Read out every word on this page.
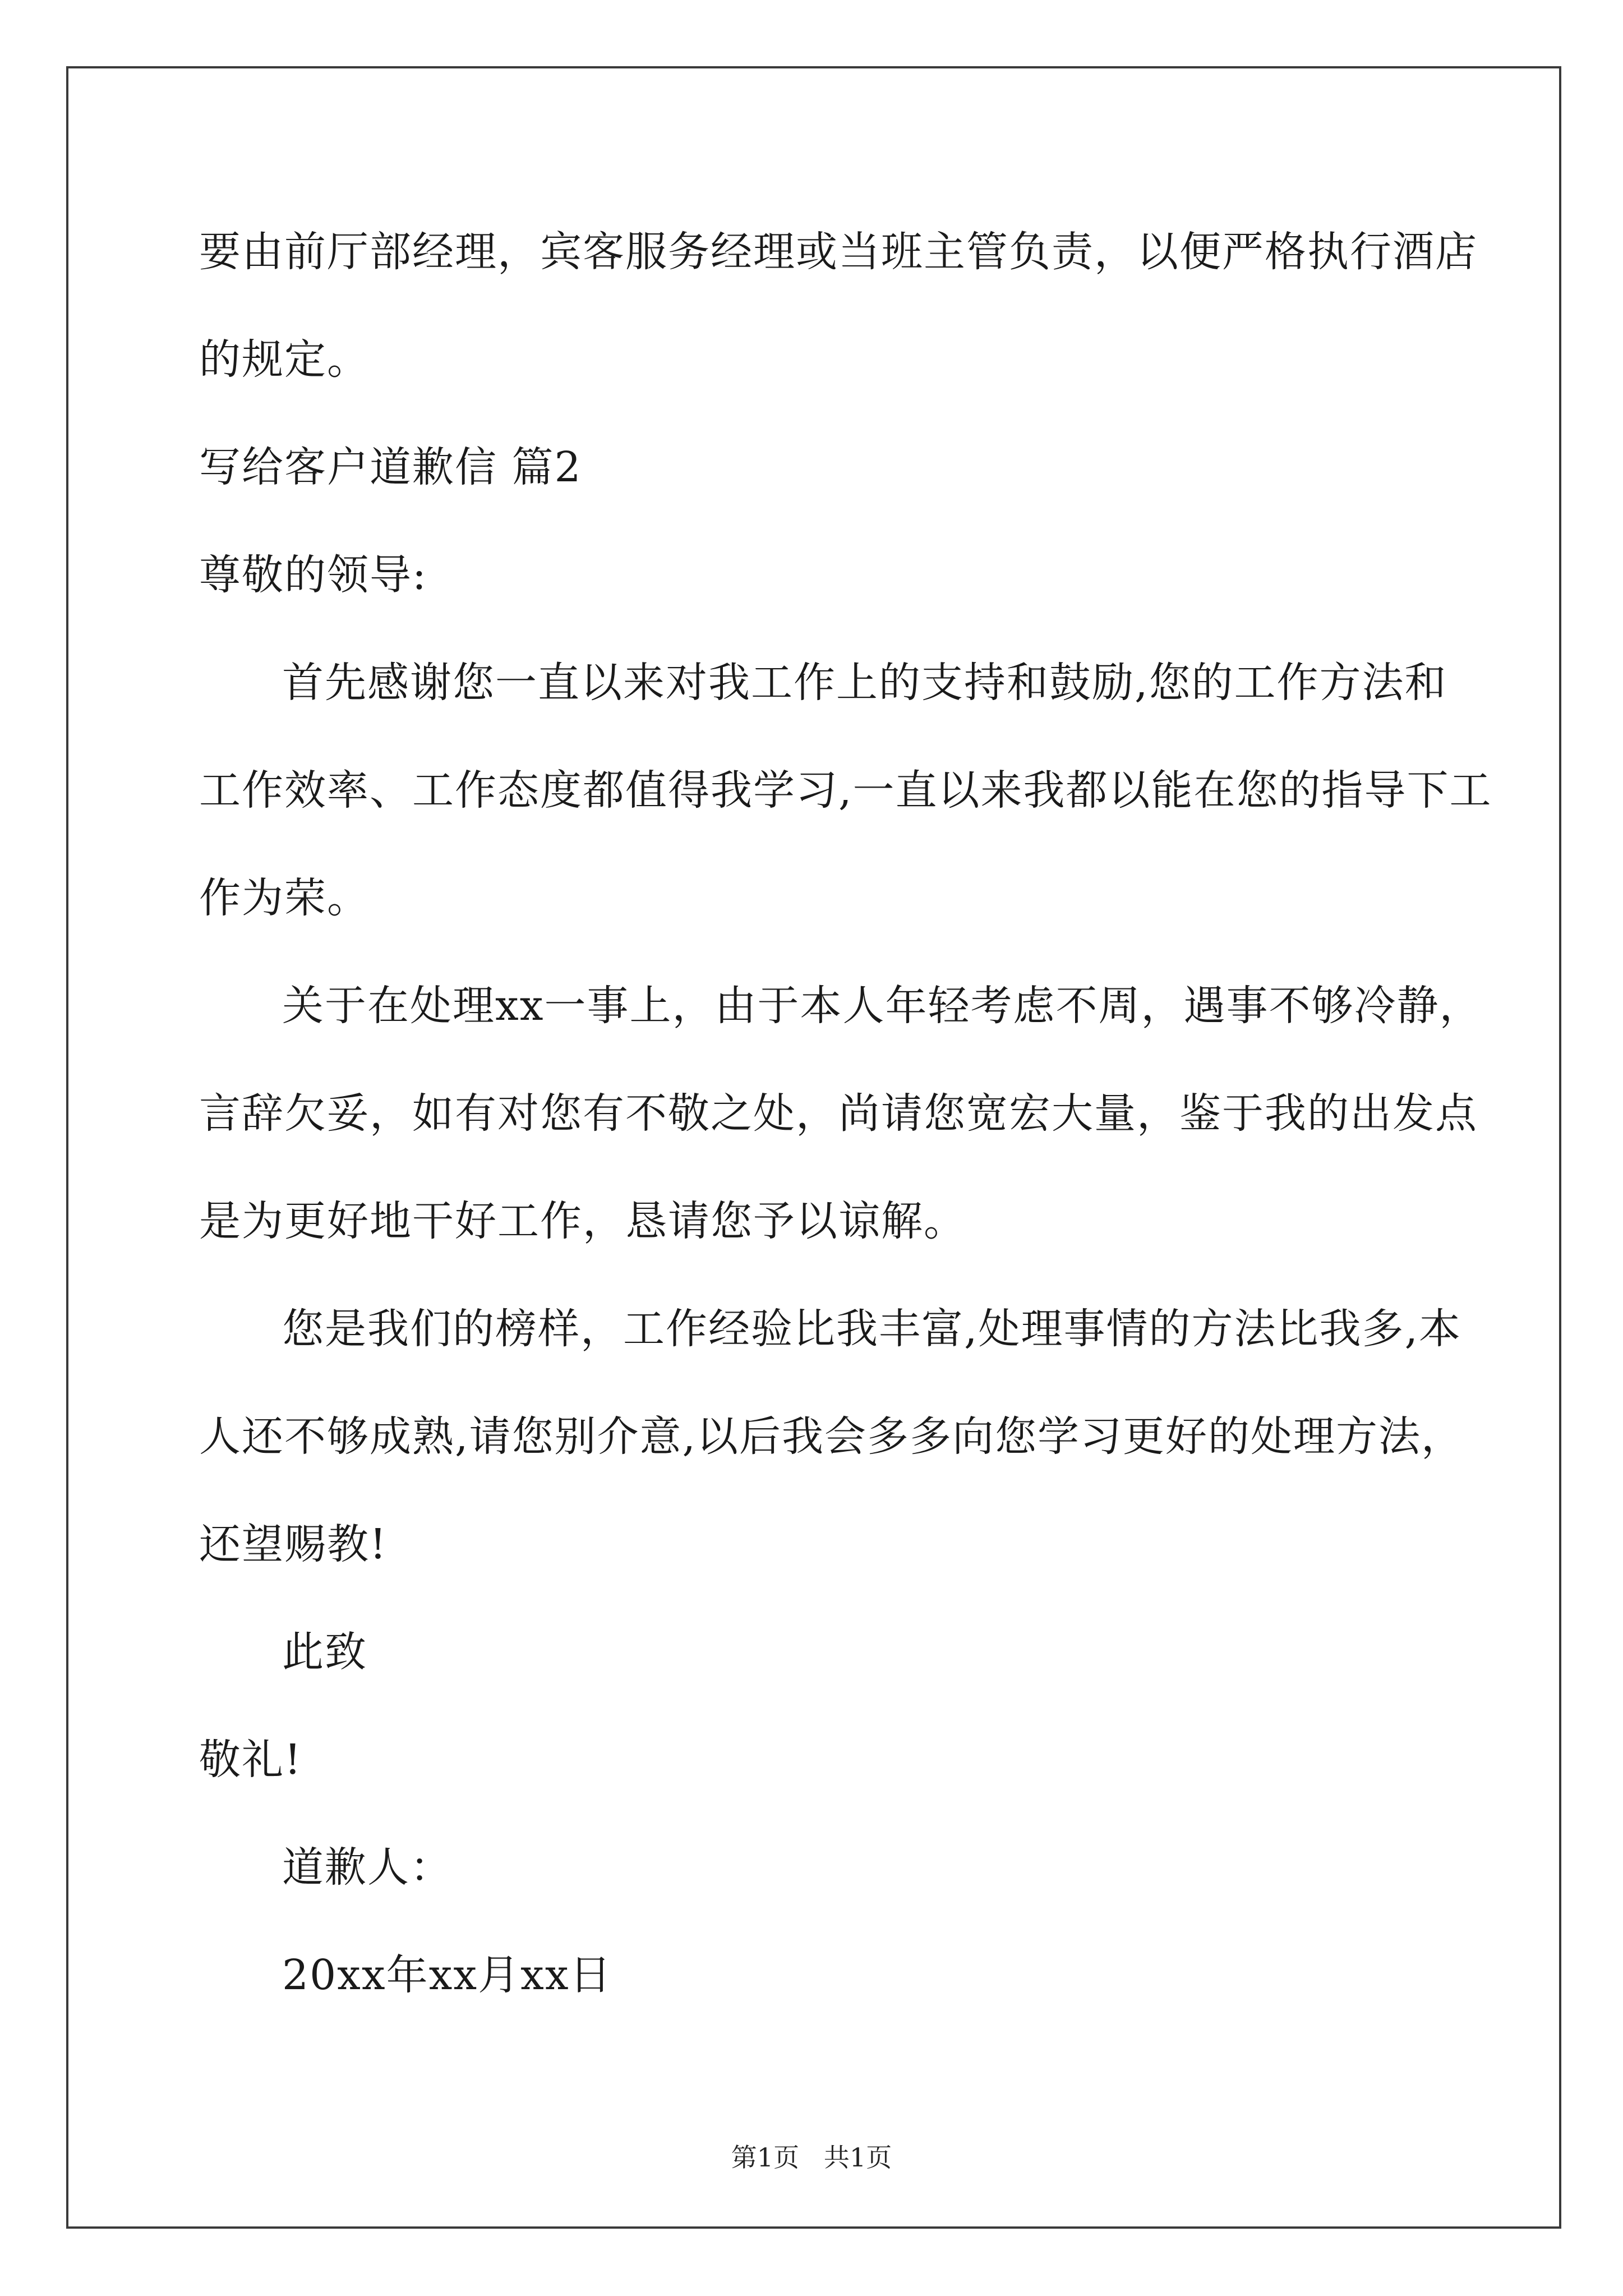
要由前厅部经理，宾客服务经理或当班主管负责，以便严格执行酒店
的规定。
写给客户道歉信 篇2
尊敬的领导:
首先感谢您一直以来对我工作上的支持和鼓励,您的工作方法和
工作效率、工作态度都值得我学习,一直以来我都以能在您的指导下工
作为荣。
关于在处理xx一事上，由于本人年轻考虑不周，遇事不够冷静，
言辞欠妥，如有对您有不敬之处，尚请您宽宏大量，鉴于我的出发点
是为更好地干好工作，恳请您予以谅解。
您是我们的榜样，工作经验比我丰富,处理事情的方法比我多,本
人还不够成熟,请您别介意,以后我会多多向您学习更好的处理方法，
还望赐教!
此致
敬礼!
道歉人：
20xx年xx月xx日
第1页   共1页
